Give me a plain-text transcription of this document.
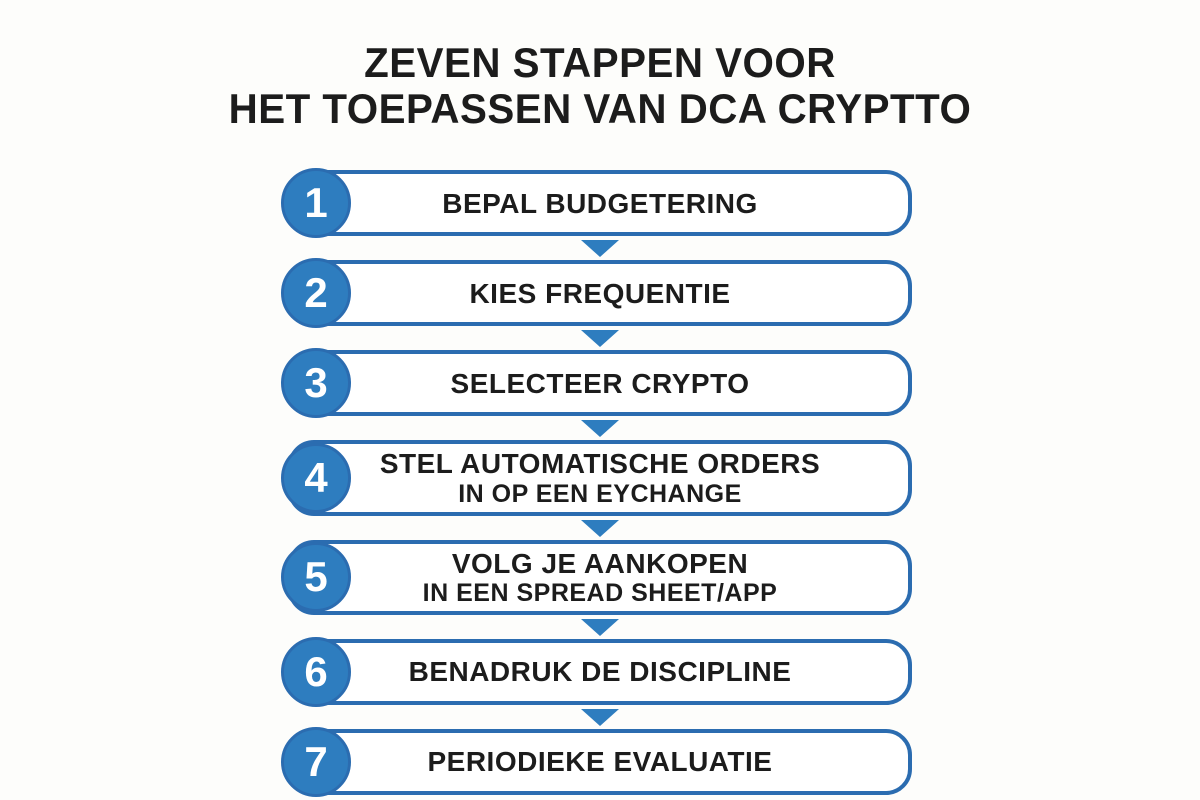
ZEVEN STAPPEN VOOR
HET TOEPASSEN VAN DCA CRYPTTO
BEPAL BUDGETERING
1
KIES FREQUENTIE
2
SELECTEER CRYPTO
3
STEL AUTOMATISCHE ORDERS
IN OP EEN EYCHANGE
4
VOLG JE AANKOPEN
IN EEN SPREAD SHEET/APP
5
BENADRUK DE DISCIPLINE
6
PERIODIEKE EVALUATIE
7
